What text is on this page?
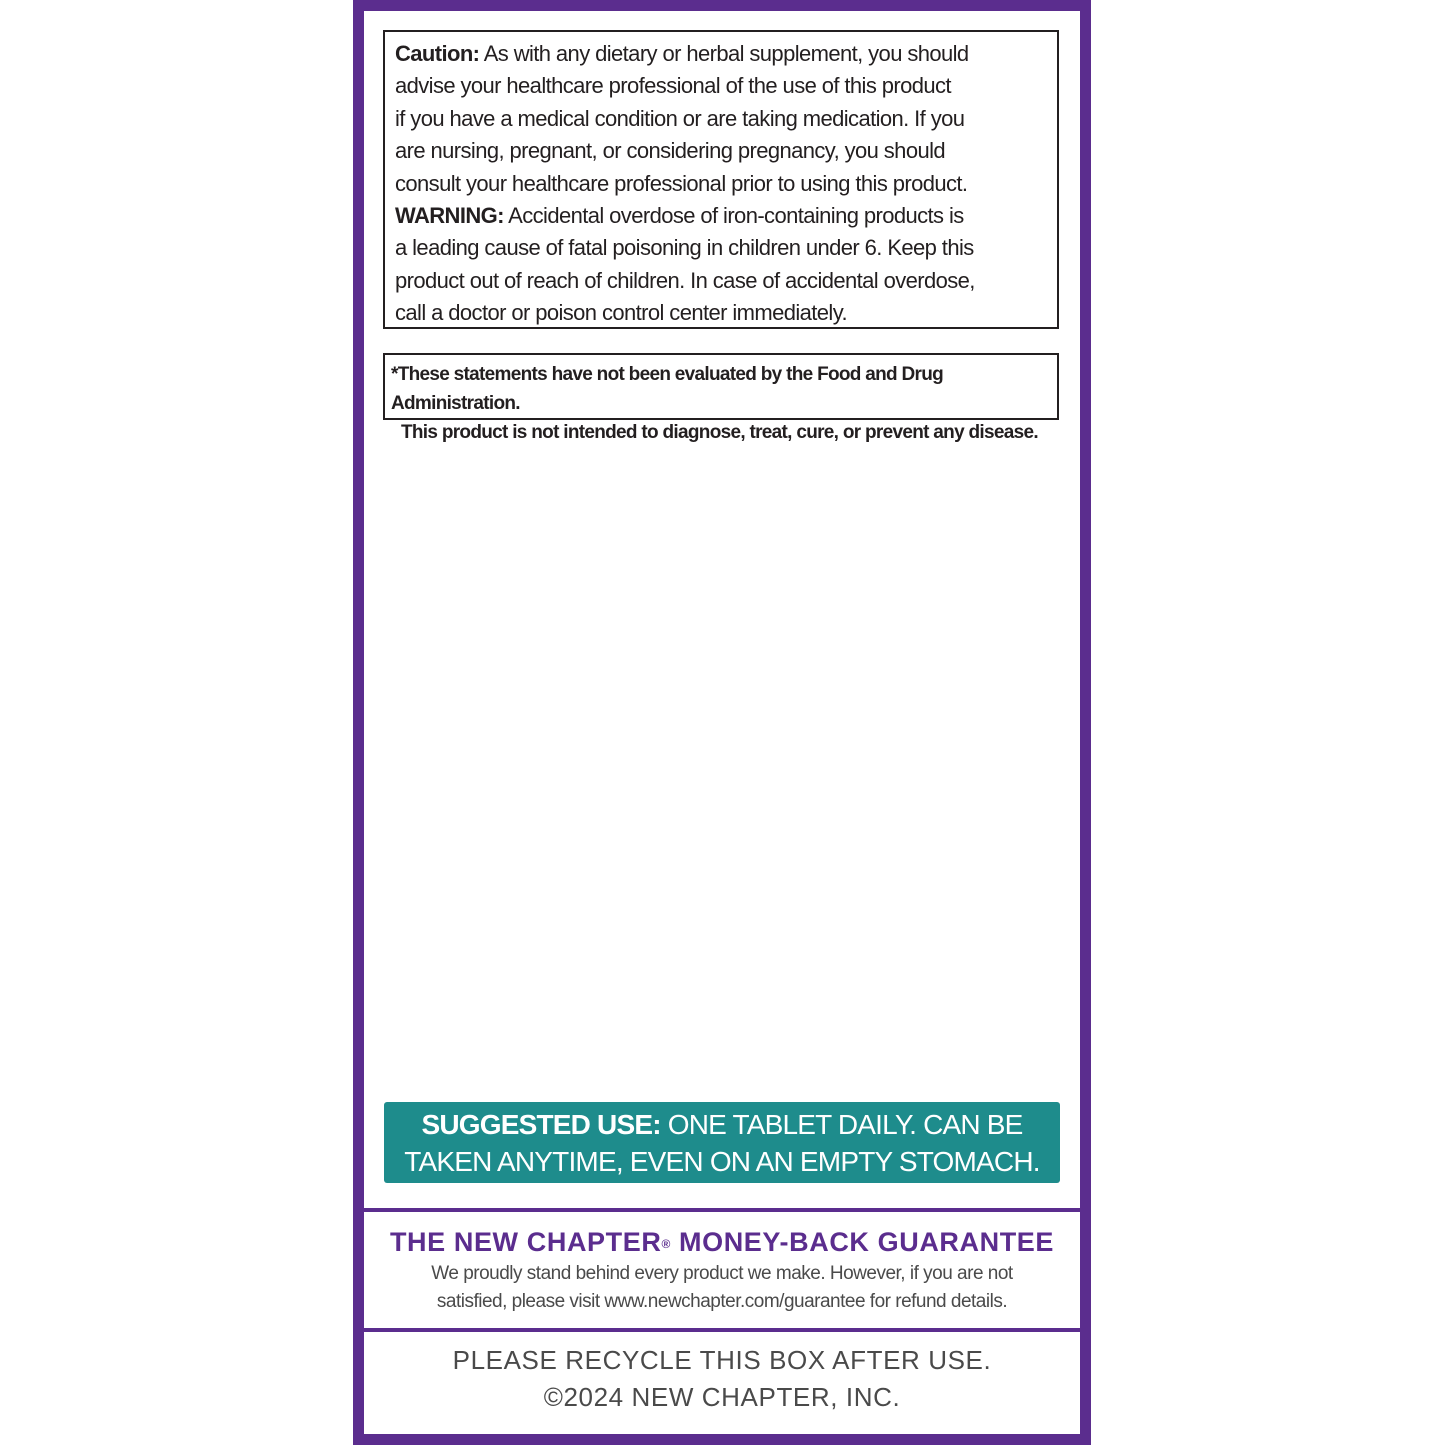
Caution: As with any dietary or herbal supplement, you should
advise your healthcare professional of the use of this product
if you have a medical condition or are taking medication. If you
are nursing, pregnant, or considering pregnancy, you should
consult your healthcare professional prior to using this product.
WARNING: Accidental overdose of iron-containing products is
a leading cause of fatal poisoning in children under 6. Keep this
product out of reach of children. In case of accidental overdose,
call a doctor or poison control center immediately.

*These statements have not been evaluated by the Food and Drug Administration.
This product is not intended to diagnose, treat, cure, or prevent any disease.
SUGGESTED USE: ONE TABLET DAILY. CAN BE
TAKEN ANYTIME, EVEN ON AN EMPTY STOMACH.
THE NEW CHAPTER® MONEY-BACK GUARANTEE
We proudly stand behind every product we make. However, if you are not
satisfied, please visit www.newchapter.com/guarantee for refund details.
PLEASE RECYCLE THIS BOX AFTER USE.
©2024 NEW CHAPTER, INC.
